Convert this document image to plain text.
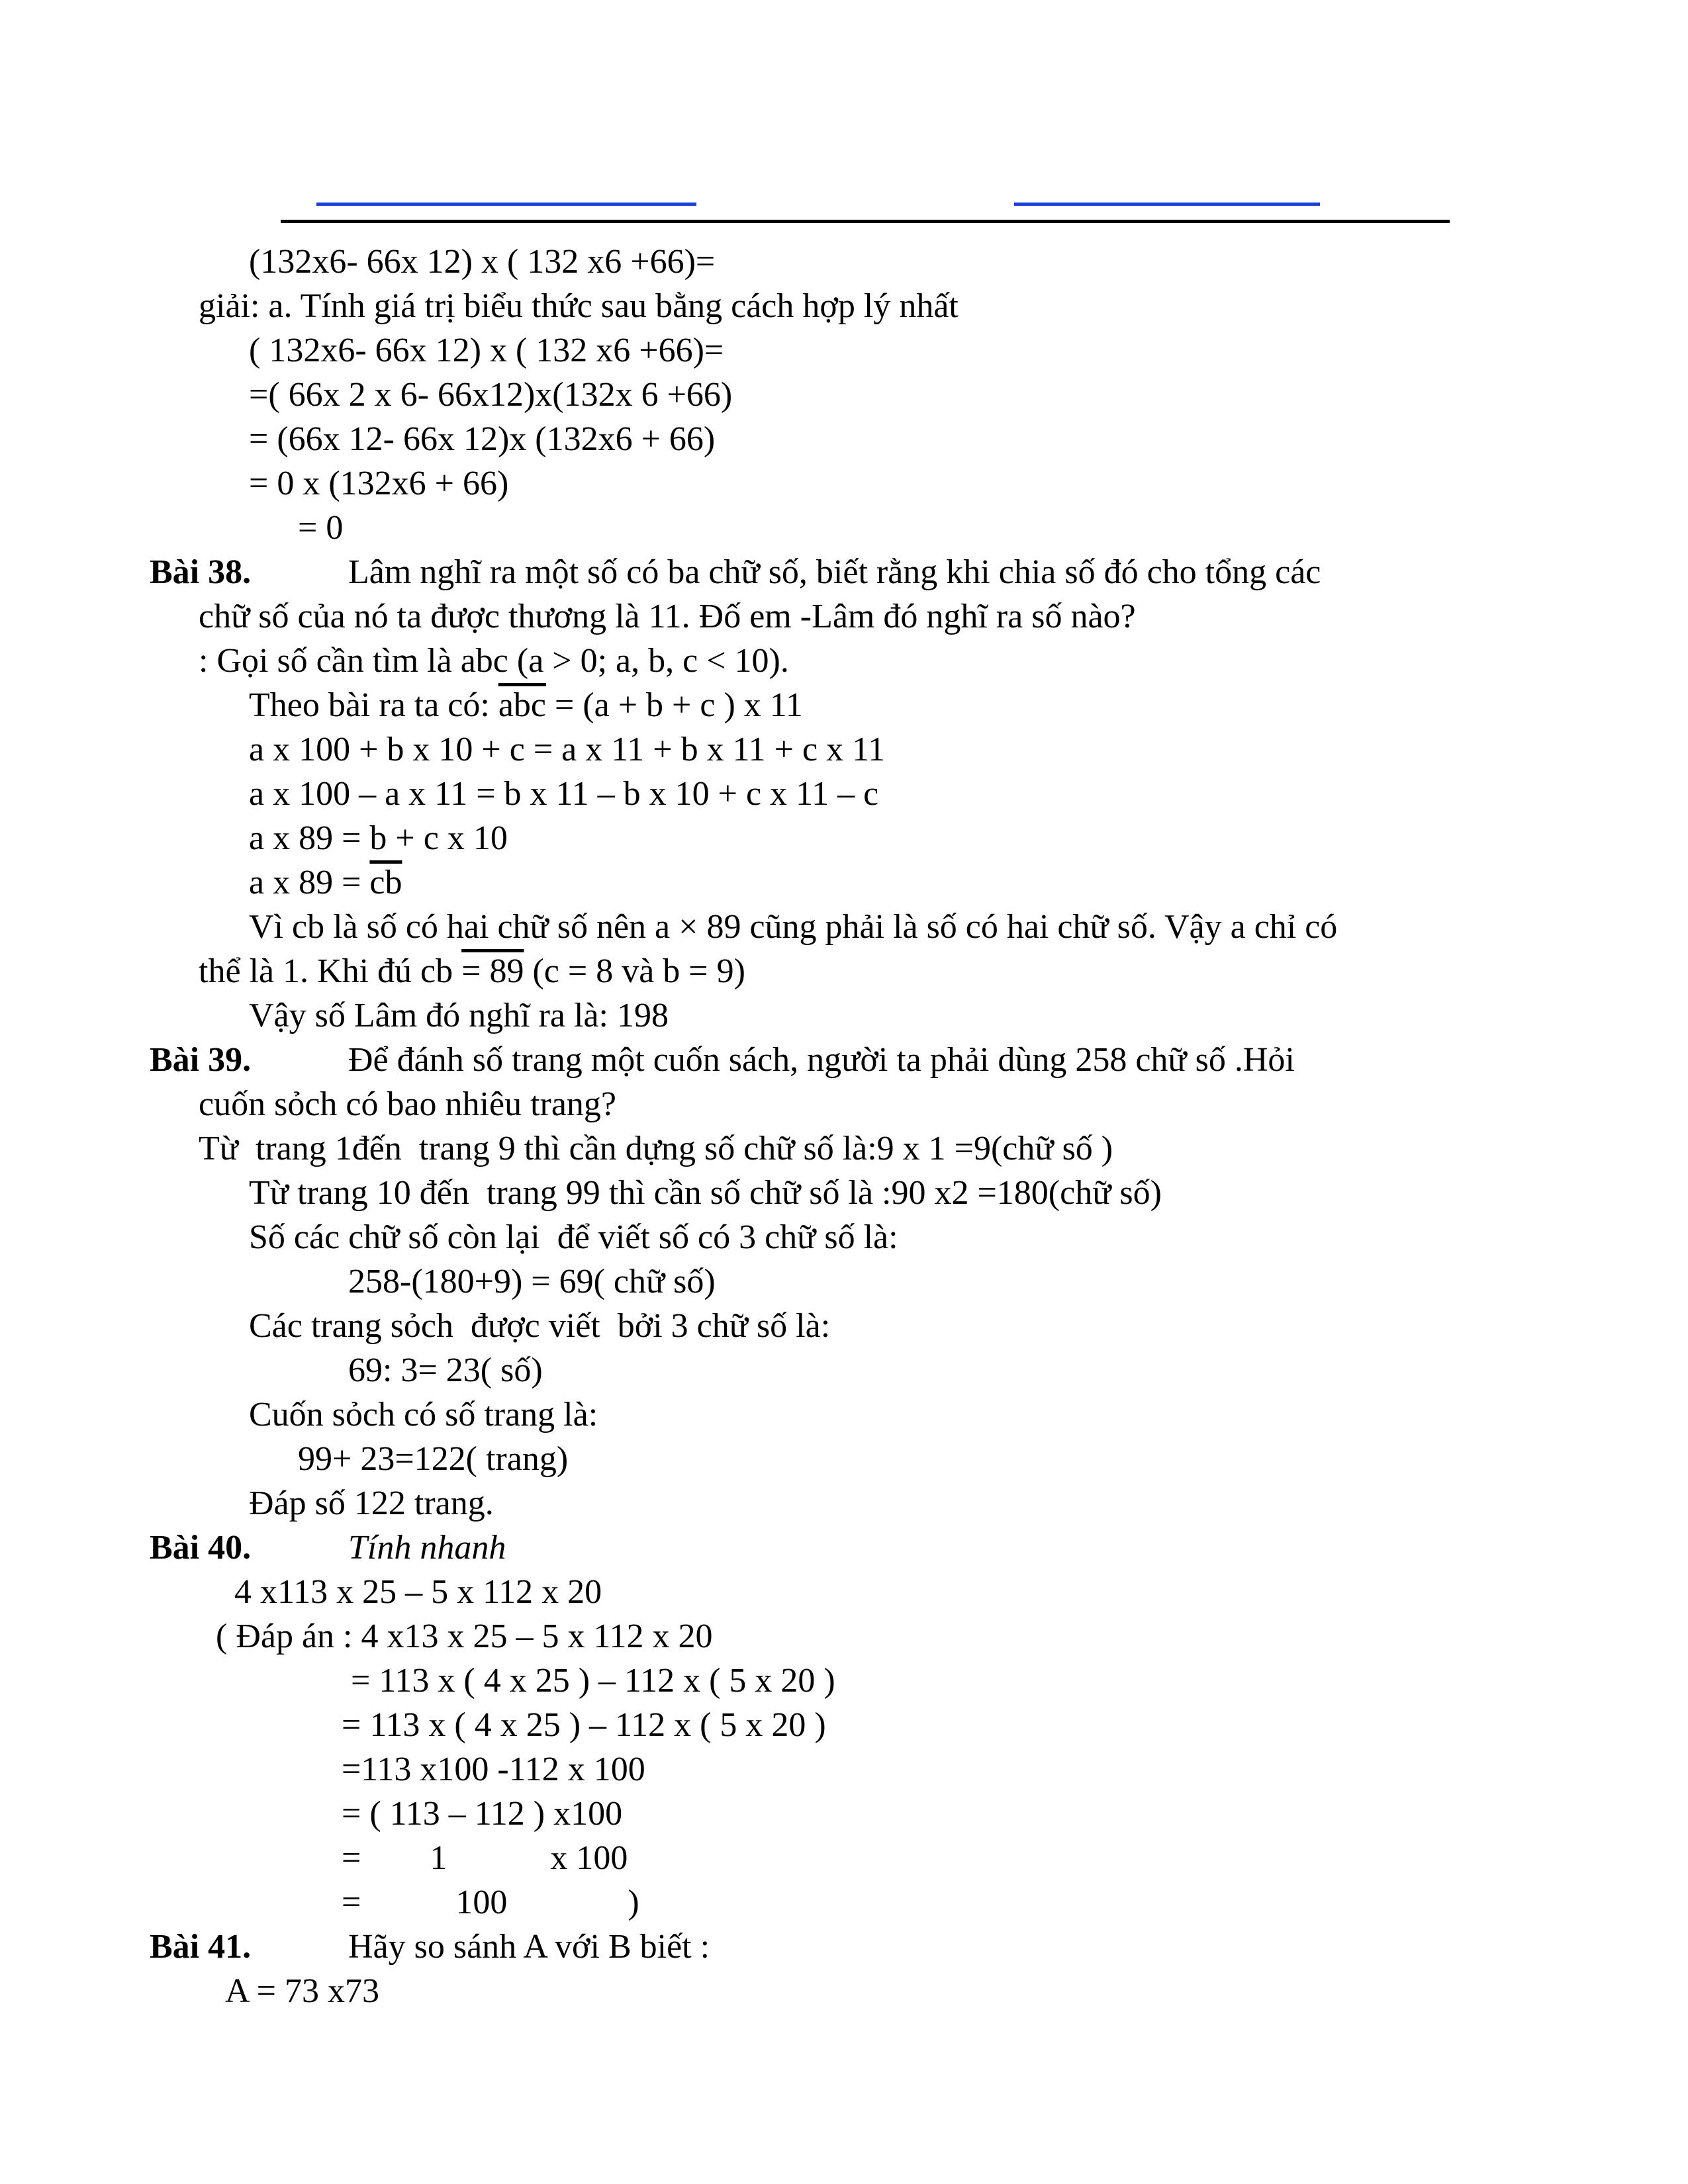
(132x6- 66x 12) x ( 132 x6 +66)=
giải: a. Tính giá trị biểu thức sau bằng cách hợp lý nhất
( 132x6- 66x 12) x ( 132 x6 +66)=
=( 66x 2 x 6- 66x12)x(132x 6 +66)
= (66x 12- 66x 12)x (132x6 + 66)
= 0 x (132x6 + 66)
= 0
Bài 38.	Lâm nghĩ ra một số có ba chữ số, biết rằng khi chia số đó cho tổng các
chữ số của nó ta được thương là 11. Đố em -Lâm đó nghĩ ra số nào?
: Gọi số cần tìm là abc (a > 0; a, b, c < 10).
Theo bài ra ta có: $\overline{abc} = (a + b + c$ ) x 11
a x 100 + b x 10 + c = a x 11 + b x 11 + c x 11
a x 100 – a x 11 = b x 11 – b x 10 + c x 11 – c
a x 89 = b + c x 10
a x $89 = \overline{cb}$
Vì cb là số có hai chữ số nên a × 89 cũng phải là số có hai chữ số. Vậy a chỉ có
thể là 1. Khi đú cb = 89 (c = 8 và b = 9)
Vậy số Lâm đó nghĩ ra là: 198
Bài 39.	Để đánh số trang một cuốn sách, người ta phải dùng 258 chữ số .Hỏi
cuốn sỏch có bao nhiêu trang?
Từ  trang 1đến  trang 9 thì cần dựng số chữ số là:9 x 1 =9(chữ số )
Từ trang 10 đến  trang 99 thì cần số chữ số là :90 x2 =180(chữ số)
Số các chữ số còn lại  để viết số có 3 chữ số là:
258-(180+9) = 69( chữ số)
Các trang sỏch  được viết  bởi 3 chữ số là:
69: 3= 23( số)
Cuốn sỏch có số trang là:
99+ 23=122( trang)
Đáp số 122 trang.
Bài 40.	Tính nhanh
4 x113 x 25 – 5 x 112 x 20
( Đáp án : 4 x13 x 25 – 5 x 112 x 20
= 113 x ( 4 x 25 ) – 112 x ( 5 x 20 )
= 113 x ( 4 x 25 ) – 112 x ( 5 x 20 )
=113 x100 -112 x 100
= ( 113 – 112 ) x100
=        1            x 100
=           100              )
Bài 41.	Hãy so sánh A với B biết :
A = 73 x73
